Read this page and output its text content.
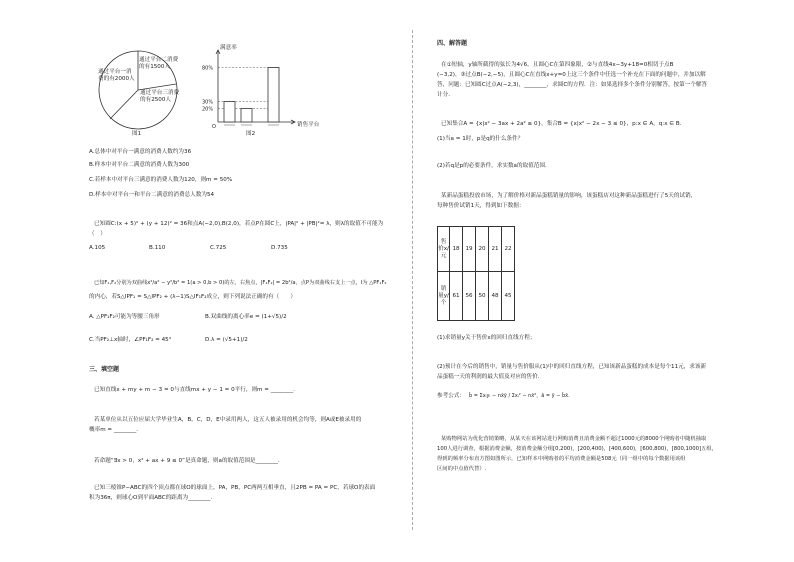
通过平台二消费的有1500人
通过平台一消费的有2000人
通过平台三消费的有2500人
图1
O
20%
30%
80%
满意率
销售平台
图2
A.总体中对平台一满意的消费人数约为36
B.样本中对平台二满意的消费人数为300
C.若样本中对平台三满意的消费人数为120，则m = 50%
D.样本中对平台一和平台二满意的消费总人数为54
已知圆C:(x + 5)² + (y + 12)² = 36和点A(−2,0),B(2,0)，若点P在圆C上，|PA|² + |PB|²= λ，则λ的取值不可能为
（　）
A.105	B.110	C.725	D.735
已知F₁,F₂分别为双曲线x²/a² − y²/b² = 1(a > 0,b > 0)的左，右焦点，|F₁F₂| = 2b²/a，点P为双曲线右支上一点，I为 △PF₁F₂
的内心，若S△IPF₁ = S△IPF₂ + (λ−1)S△IF₁F₂成立，则下列说法正确的有（　　）
A. △PF₁F₂可能为等腰三角形	B.双曲线的离心率e = (1+√5)/2
C.当PF₂⊥x轴时，∠PF₁F₂ = 45°	D.λ = (√5+1)/2
三、填空题
已知直线x + my + m − 3 = 0与直线mx + y − 1 = 0平行，则m = ________.
若某单位从以五位应届大学毕业生A，B，C，D，E中录用两人，这五人被录用的机会均等，则A或E被录用的
概率m = ________.
若命题“∃x > 0，x² + ax + 9 ≤ 0”是真命题，则a的取值范围是________.
已知三棱锥P−ABC的四个顶点都在球O的球面上，PA，PB，PC两两互相垂直，且2PB = PA = PC，若球O的表面
积为36π，则球心O到平面ABC的距离为________.
四、解答题
在①短轴，y轴所截得的弦长为4√6，且圆心C在第四象限，②与直线4x−3y+18=0相切于点B
(−3,2)，③过点B(−2,−5)，且圆心C在直线x+y=0上这三个条件中任选一个补充在下面的问题中，并加以解
答，问题：已知圆C过点A(−2,3)，________，求圆C的方程．注：如果选择多个条件分别解答，按第一个解答
计分．
已知集合A = {x|x² − 3ax + 2a² ≤ 0}，集合B = {x|x² − 2x − 3 ≤ 0}，p:x ∈ A，q:x ∈ B.
(1)当a = 1时，p是q的什么条件？
(2)若q是p的必要条件，求实数a的取值范围．
某新品蛋糕投放市场，为了解价格对新品蛋糕销量的影响，该蛋糕店对这种新品蛋糕进行了5天的试销，
每种售价试销1天，得到如下数据：
售价x/元	18	19	20	21	22
销量y/个	61	56	50	48	45
(1)求销量y关于售价x的回归直线方程；
(2)预计在今后的销售中，销量与售价服从(1)中的回归直线方程，已知该新品蛋糕的成本是每个11元，求该新
品蛋糕一天的利润的最大值及对应的售价．
参考公式： b̂ = Σxᵢyᵢ − nx̄ȳ / Σxᵢ² − nx̄²，â = ȳ − b̂x̄.
某购物网站为优化营销策略，从某天在该网站进行网购消费且消费金额不超过1000元的8000个网购者中随机抽取
100人进行调查，根据消费金额，按消费金额分组[0,200)，[200,400)，[400,600)，[600,800)，[800,1000]五组，
得到的频率分布直方图如图所示，已知样本中网购者的平均消费金额是508元（同一组中的每个数据用该组
区间的中点值代替）.
